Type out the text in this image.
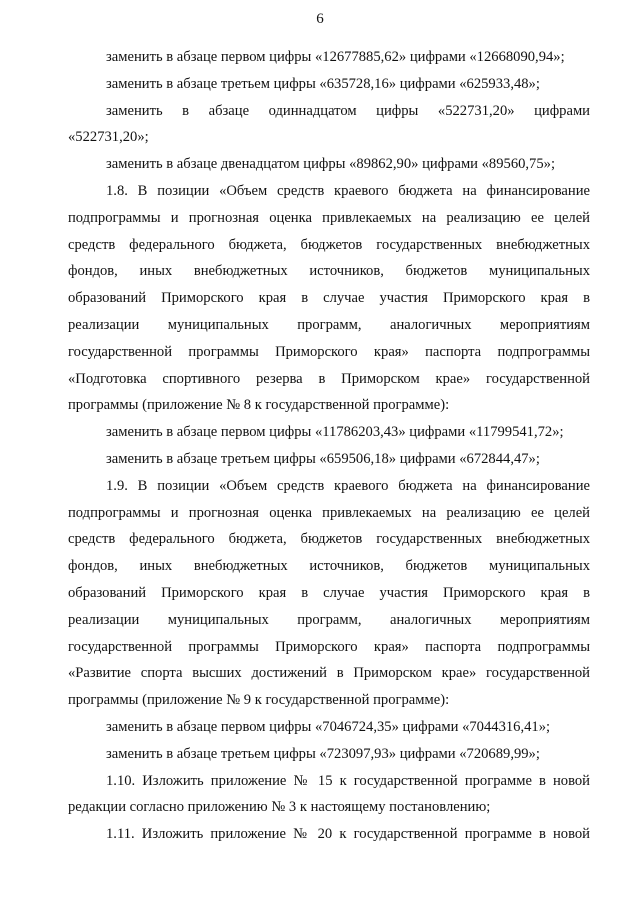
6
заменить в абзаце первом цифры «12677885,62» цифрами «12668090,94»;
заменить в абзаце третьем цифры «635728,16» цифрами «625933,48»;
заменить в абзаце одиннадцатом цифры «522731,20» цифрами
«522731,20»;
заменить в абзаце двенадцатом цифры «89862,90» цифрами «89560,75»;
1.8. В позиции «Объем средств краевого бюджета на финансирование
подпрограммы и прогнозная оценка привлекаемых на реализацию ее целей
средств федерального бюджета, бюджетов государственных внебюджетных
фондов, иных внебюджетных источников, бюджетов муниципальных
образований Приморского края в случае участия Приморского края в
реализации муниципальных программ, аналогичных мероприятиям
государственной программы Приморского края» паспорта подпрограммы
«Подготовка спортивного резерва в Приморском крае» государственной
программы (приложение № 8 к государственной программе):
заменить в абзаце первом цифры «11786203,43» цифрами «11799541,72»;
заменить в абзаце третьем цифры «659506,18» цифрами «672844,47»;
1.9. В позиции «Объем средств краевого бюджета на финансирование
подпрограммы и прогнозная оценка привлекаемых на реализацию ее целей
средств федерального бюджета, бюджетов государственных внебюджетных
фондов, иных внебюджетных источников, бюджетов муниципальных
образований Приморского края в случае участия Приморского края в
реализации муниципальных программ, аналогичных мероприятиям
государственной программы Приморского края» паспорта подпрограммы
«Развитие спорта высших достижений в Приморском крае» государственной
программы (приложение № 9 к государственной программе):
заменить в абзаце первом цифры «7046724,35» цифрами «7044316,41»;
заменить в абзаце третьем цифры «723097,93» цифрами «720689,99»;
1.10. Изложить приложение № 15 к государственной программе в новой
редакции согласно приложению № 3 к настоящему постановлению;
1.11. Изложить приложение № 20 к государственной программе в новой
